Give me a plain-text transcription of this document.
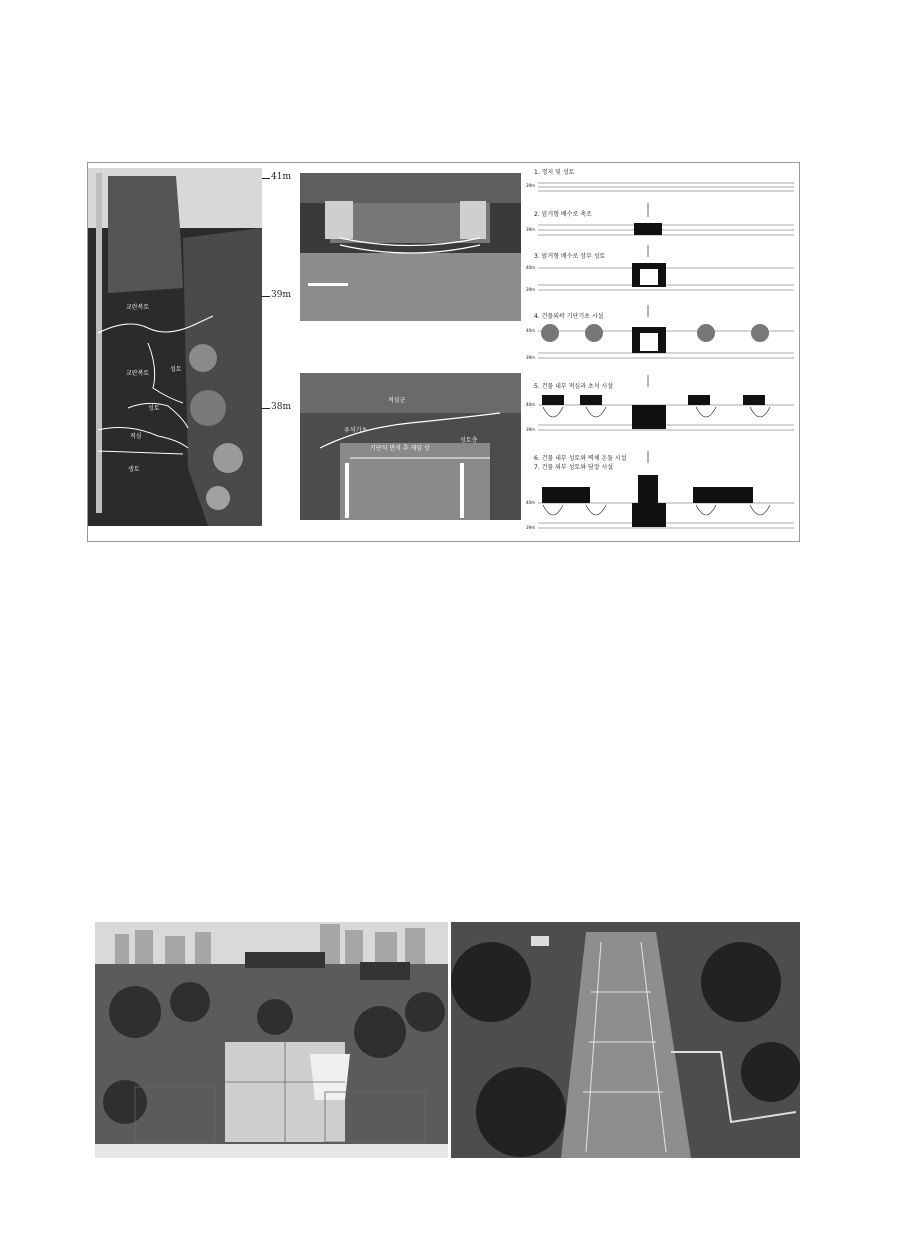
교란복토
교란복토
성토
성토
적심
생토
41m
39m
38m
적심군
우석기초
기단석 면석 추 재임 상
성토층
1. 정지 및 성토
2. 암거형 배수로 축조
3. 암거형 배수로 상부 성토
4. 건물외곽 기단기초 시설
5. 건물 내부 적심과 초석 시설
6. 건물 내부 성토와 벽체 온돌 시설
7. 건물 외부 성토와 담장 시설
39m
39m
40m
39m
40m
39m
40m
39m
40m
39m
